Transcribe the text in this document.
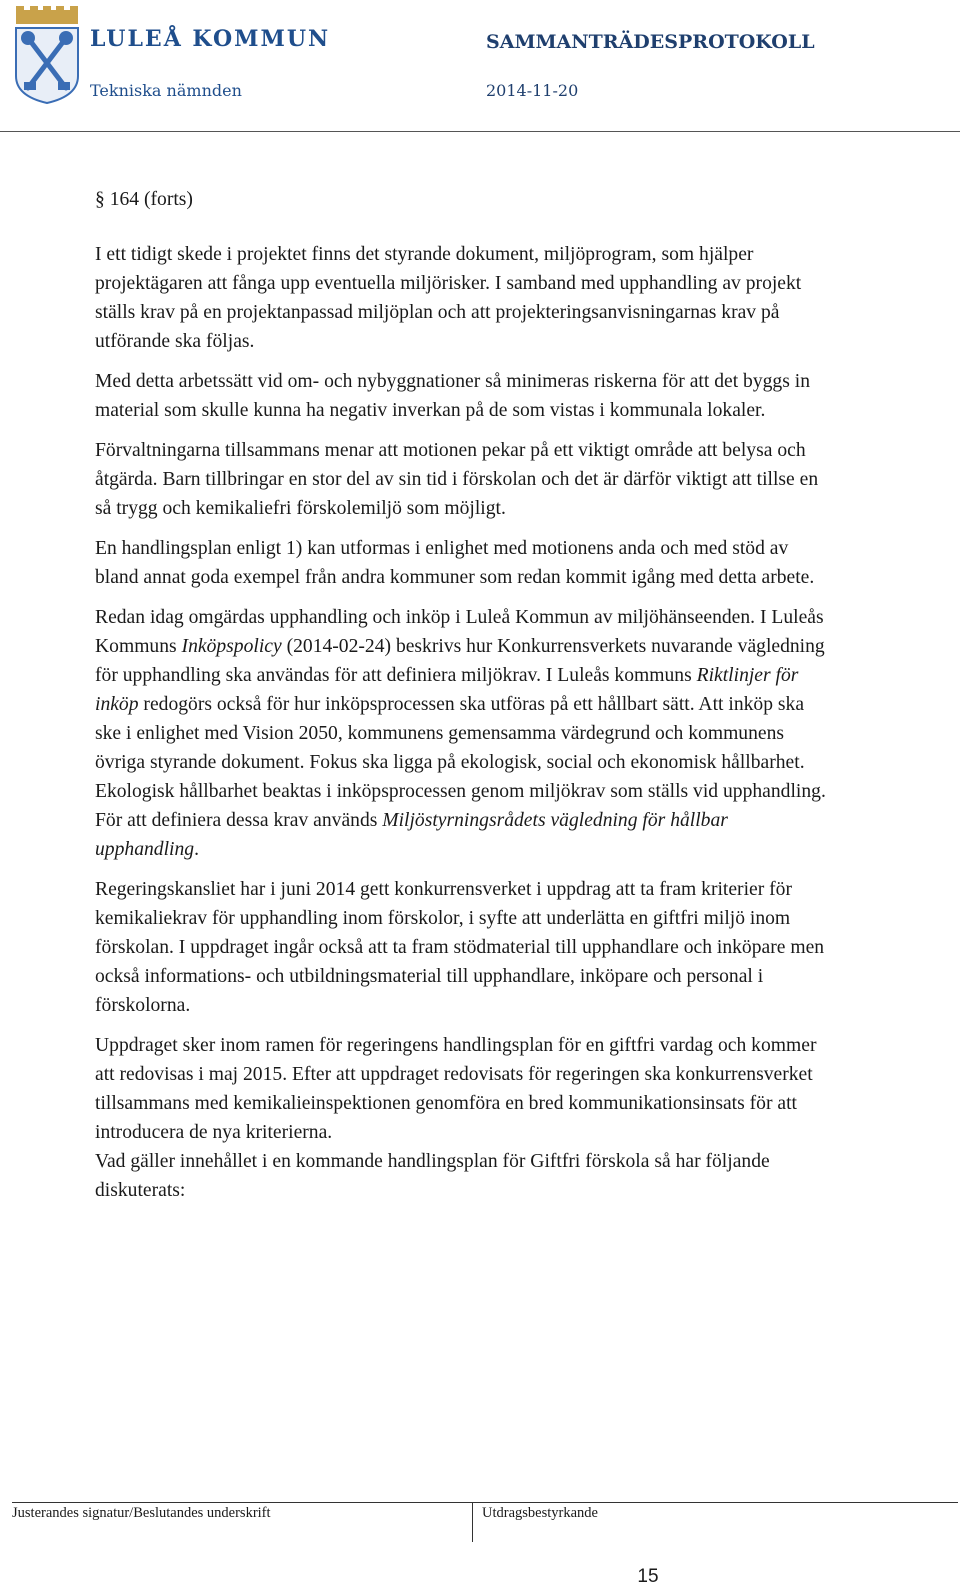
LULEÅ KOMMUN
Tekniska nämnden
SAMMANTRÄDESPROTOKOLL
2014-11-20
§ 164 (forts)

I ett tidigt skede i projektet finns det styrande dokument, miljöprogram, som hjälper projektägaren att fånga upp eventuella miljörisker. I samband med upphandling av projekt ställs krav på en projektanpassad miljöplan och att projekteringsanvisningarnas krav på utförande ska följas.

Med detta arbetssätt vid om- och nybyggnationer så minimeras riskerna för att det byggs in material som skulle kunna ha negativ inverkan på de som vistas i kommunala lokaler.

Förvaltningarna tillsammans menar att motionen pekar på ett viktigt område att belysa och åtgärda. Barn tillbringar en stor del av sin tid i förskolan och det är därför viktigt att tillse en så trygg och kemikaliefri förskolemiljö som möjligt.

En handlingsplan enligt 1) kan utformas i enlighet med motionens anda och med stöd av bland annat goda exempel från andra kommuner som redan kommit igång med detta arbete.

Redan idag omgärdas upphandling och inköp i Luleå Kommun av miljöhänseenden. I Luleås Kommuns Inköpspolicy (2014-02-24) beskrivs hur Konkurrensverkets nuvarande vägledning för upphandling ska användas för att definiera miljökrav. I Luleås kommuns Riktlinjer för inköp redogörs också för hur inköpsprocessen ska utföras på ett hållbart sätt. Att inköp ska ske i enlighet med Vision 2050, kommunens gemensamma värdegrund och kommunens övriga styrande dokument. Fokus ska ligga på ekologisk, social och ekonomisk hållbarhet. Ekologisk hållbarhet beaktas i inköpsprocessen genom miljökrav som ställs vid upphandling. För att definiera dessa krav används Miljöstyrningsrådets vägledning för hållbar upphandling.

Regeringskansliet har i juni 2014 gett konkurrensverket i uppdrag att ta fram kriterier för kemikaliekrav för upphandling inom förskolor, i syfte att underlätta en giftfri miljö inom förskolan. I uppdraget ingår också att ta fram stödmaterial till upphandlare och inköpare men också informations- och utbildningsmaterial till upphandlare, inköpare och personal i förskolorna.

Uppdraget sker inom ramen för regeringens handlingsplan för en giftfri vardag och kommer att redovisas i maj 2015. Efter att uppdraget redovisats för regeringen ska konkurrensverket tillsammans med kemikalieinspektionen genomföra en bred kommunikationsinsats för att introducera de nya kriterierna.

Vad gäller innehållet i en kommande handlingsplan för Giftfri förskola så har följande diskuterats:

Justerandes signatur/Beslutandes underskrift	Utdragsbestyrkande
15
